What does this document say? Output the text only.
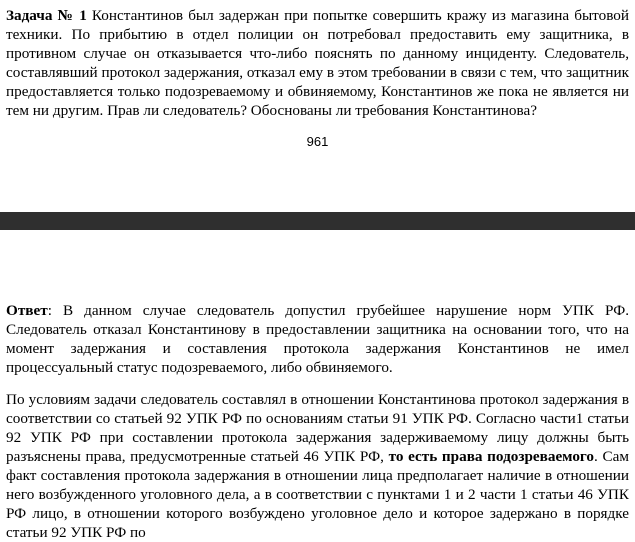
Задача № 1 Константинов был задержан при попытке совершить кражу из магазина бытовой техники. По прибытию в отдел полиции он потребовал предоставить ему защитника, в противном случае он отказывается что-либо пояснять по данному инциденту. Следователь, составлявший протокол задержания, отказал ему в этом требовании в связи с тем, что защитник предоставляется только подозреваемому и обвиняемому, Константинов же пока не является ни тем ни другим. Прав ли следователь? Обоснованы ли требования Константинова?

961

Ответ: В данном случае следователь допустил грубейшее нарушение норм УПК РФ. Следователь отказал Константинову в предоставлении защитника на основании того, что на момент задержания и составления протокола задержания Константинов не имел процессуальный статус подозреваемого, либо обвиняемого.

По условиям задачи следователь составлял в отношении Константинова протокол задержания в соответствии со статьей 92 УПК РФ по основаниям статьи 91 УПК РФ. Согласно части1 статьи 92 УПК РФ при составлении протокола задержания задерживаемому лицу должны быть разъяснены права, предусмотренные статьей 46 УПК РФ, то есть права подозреваемого. Сам факт составления протокола задержания в отношении лица предполагает наличие в отношении него возбужденного уголовного дела, а в соответствии с пунктами 1 и 2 части 1 статьи 46 УПК РФ лицо, в отношении которого возбуждено уголовное дело и которое задержано в порядке статьи 92 УПК РФ по
